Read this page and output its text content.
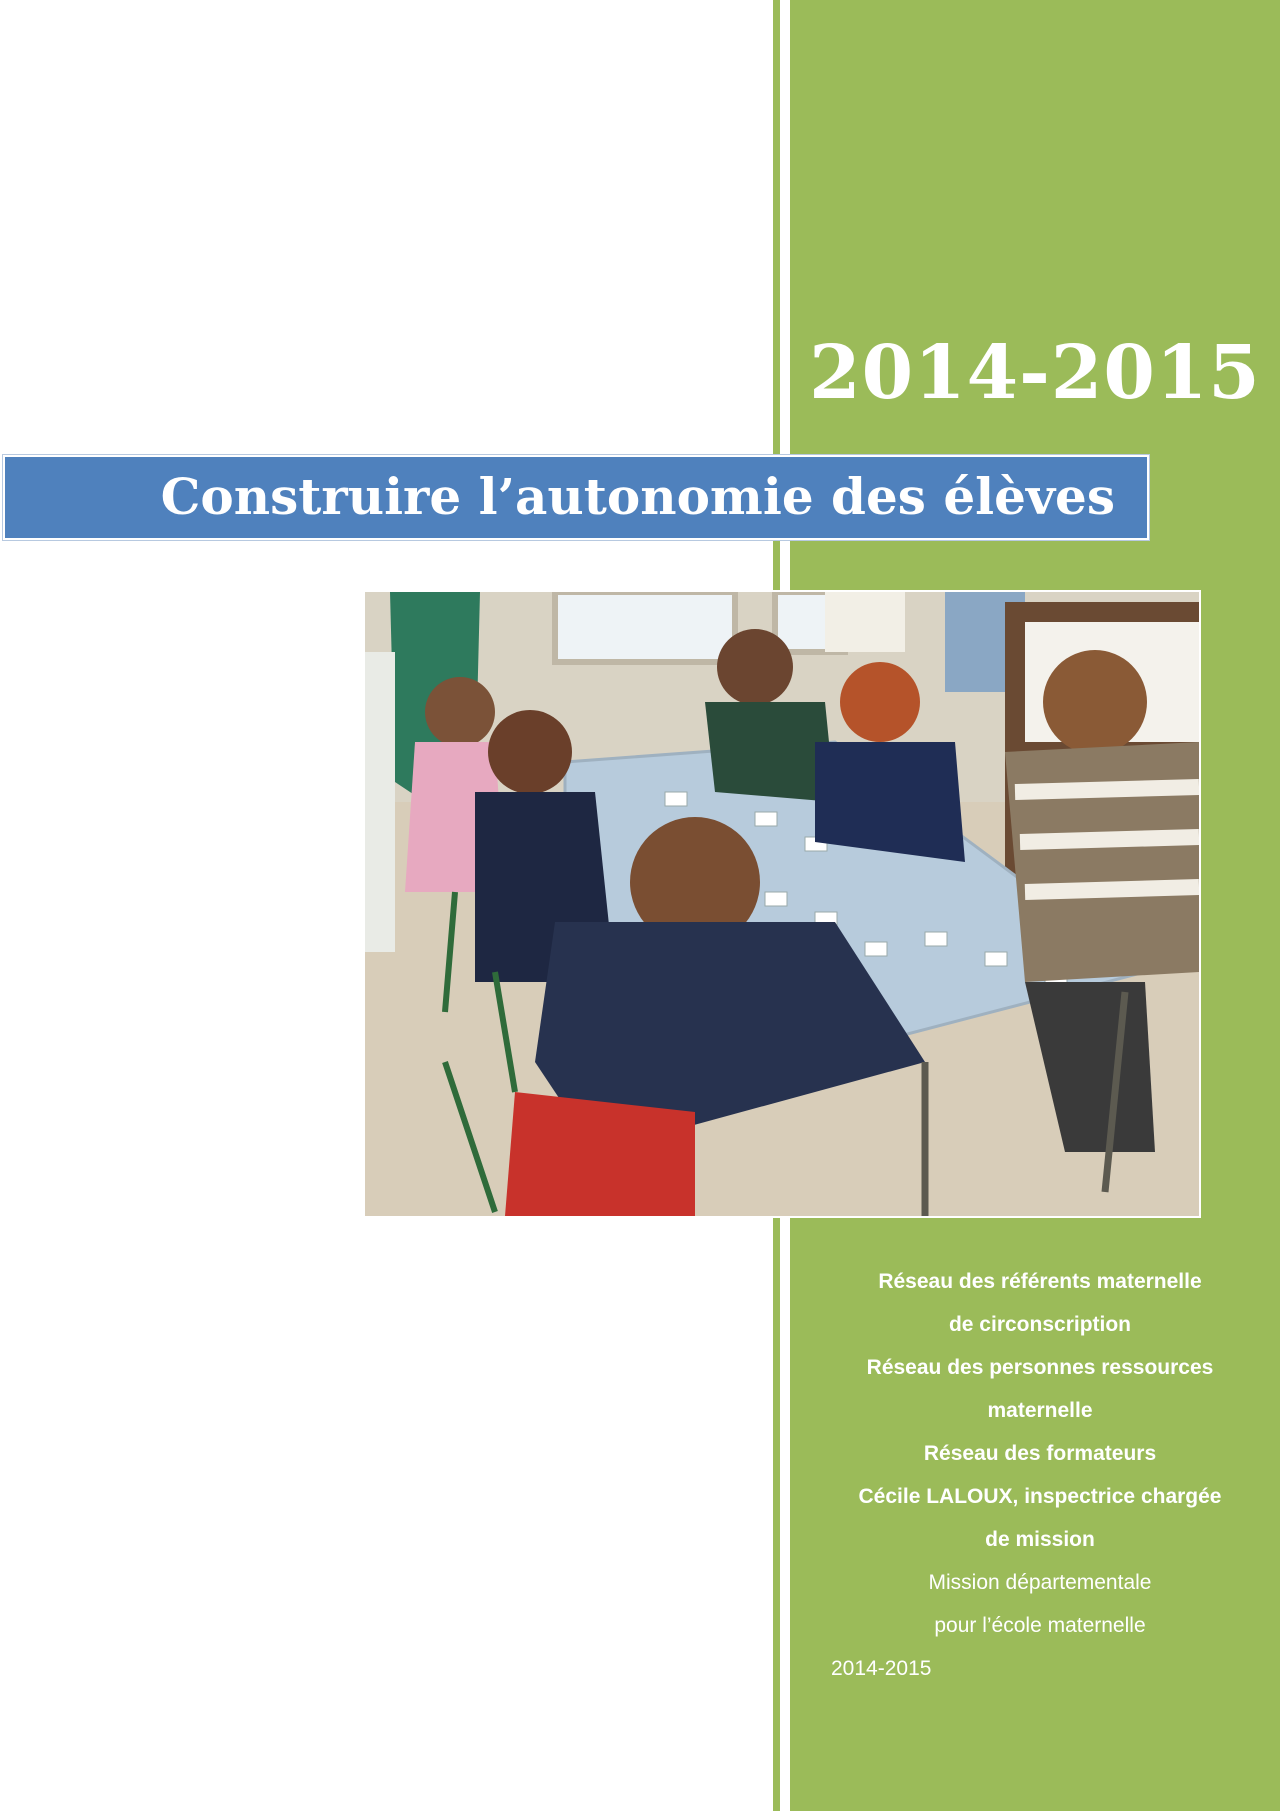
2014-2015
Construire l’autonomie des élèves
Réseau des référents maternelle
de circonscription
Réseau des personnes ressources
maternelle
Réseau des formateurs
Cécile LALOUX, inspectrice chargée
de mission
Mission départementale
pour l’école maternelle
2014-2015
